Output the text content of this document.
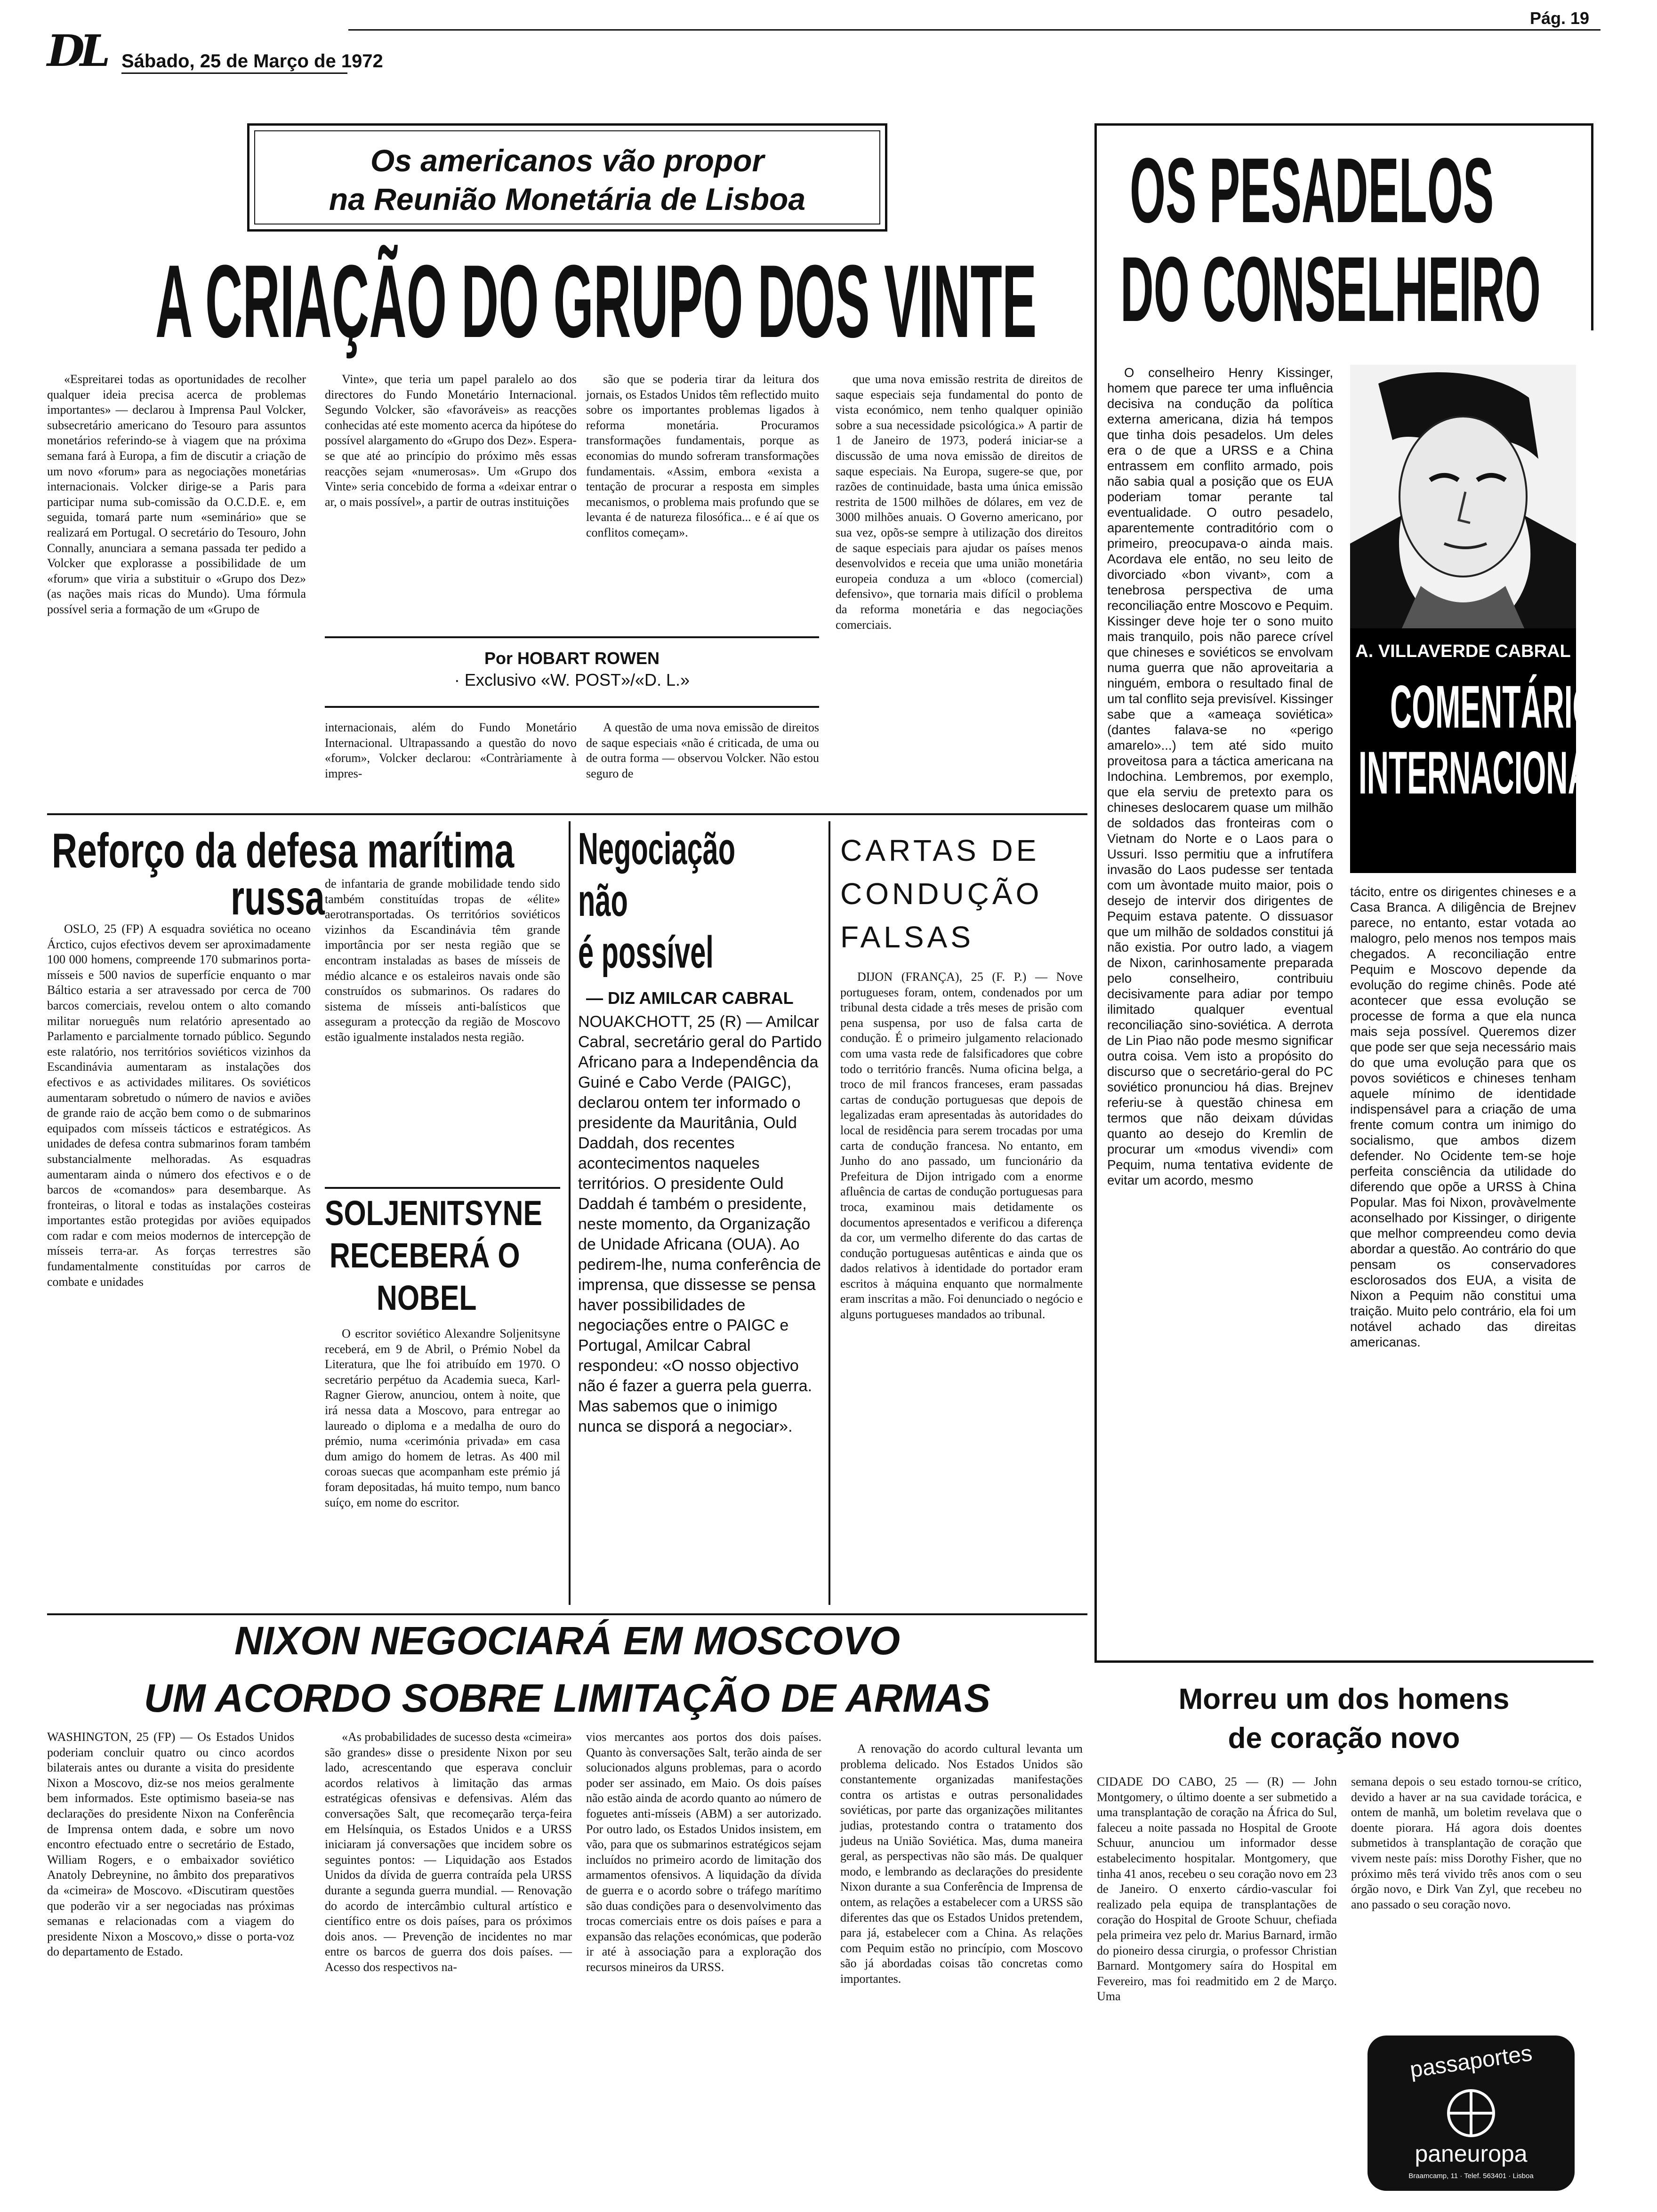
DL Sábado, 25 de Março de 1972
Pág. 19
Os americanos vão propor
na Reunião Monetária de Lisboa
A CRIAÇÃO DO GRUPO DOS VINTE

«Espreitarei todas as oportunidades de recolher qualquer ideia precisa acerca de problemas importantes» — declarou à Imprensa Paul Volcker, subsecretário americano do Tesouro para assuntos monetários referindo-se à viagem que na próxima semana fará à Europa, a fim de discutir a criação de um novo «forum» para as negociações monetárias internacionais. Volcker dirige-se a Paris para participar numa sub-comissão da O.C.D.E. e, em seguida, tomará parte num «seminário» que se realizará em Portugal. O secretário do Tesouro, John Connally, anunciara a semana passada ter pedido a Volcker que explorasse a possibilidade de um «forum» que viria a substituir o «Grupo dos Dez» (as nações mais ricas do Mundo). Uma fórmula possível seria a formação de um «Grupo de

Vinte», que teria um papel paralelo ao dos directores do Fundo Monetário Internacional. Segundo Volcker, são «favoráveis» as reacções conhecidas até este momento acerca da hipótese do possível alargamento do «Grupo dos Dez». Espera-se que até ao princípio do próximo mês essas reacções sejam «numerosas». Um «Grupo dos Vinte» seria concebido de forma a «deixar entrar o ar, o mais possível», a partir de outras instituições

são que se poderia tirar da leitura dos jornais, os Estados Unidos têm reflectido muito sobre os importantes problemas ligados à reforma monetária. Procuramos transformações fundamentais, porque as economias do mundo sofreram transformações fundamentais. «Assim, embora «exista a tentação de procurar a resposta em simples mecanismos, o problema mais profundo que se levanta é de natureza filosófica... e é aí que os conflitos começam».

que uma nova emissão restrita de direitos de saque especiais seja fundamental do ponto de vista económico, nem tenho qualquer opinião sobre a sua necessidade psicológica.» A partir de 1 de Janeiro de 1973, poderá iniciar-se a discussão de uma nova emissão de direitos de saque especiais. Na Europa, sugere-se que, por razões de continuidade, basta uma única emissão restrita de 1500 milhões de dólares, em vez de 3000 milhões anuais. O Governo americano, por sua vez, opõs-se sempre à utilização dos direitos de saque especiais para ajudar os países menos desenvolvidos e receia que uma união monetária europeia conduza a um «bloco (comercial) defensivo», que tornaria mais difícil o problema da reforma monetária e das negociações comerciais.

Por HOBART ROWEN
· Exclusivo «W. POST»/«D. L.»

internacionais, além do Fundo Monetário Internacional. Ultrapassando a questão do novo «forum», Volcker declarou: «Contràriamente à impres-

A questão de uma nova emissão de direitos de saque especiais «não é criticada, de uma ou de outra forma — observou Volcker. Não estou seguro de

OS PESADELOS
DO CONSELHEIRO

O conselheiro Henry Kissinger, homem que parece ter uma influência decisiva na condução da política externa americana, dizia há tempos que tinha dois pesadelos. Um deles era o de que a URSS e a China entrassem em conflito armado, pois não sabia qual a posição que os EUA poderiam tomar perante tal eventualidade. O outro pesadelo, aparentemente contraditório com o primeiro, preocupava-o ainda mais. Acordava ele então, no seu leito de divorciado «bon vivant», com a tenebrosa perspectiva de uma reconciliação entre Moscovo e Pequim. Kissinger deve hoje ter o sono muito mais tranquilo, pois não parece crível que chineses e soviéticos se envolvam numa guerra que não aproveitaria a ninguém, embora o resultado final de um tal conflito seja previsível. Kissinger sabe que a «ameaça soviética» (dantes falava-se no «perigo amarelo»...) tem até sido muito proveitosa para a táctica americana na Indochina. Lembremos, por exemplo, que ela serviu de pretexto para os chineses deslocarem quase um milhão de soldados das fronteiras com o Vietnam do Norte e o Laos para o Ussuri. Isso permitiu que a infrutífera invasão do Laos pudesse ser tentada com um àvontade muito maior, pois o desejo de intervir dos dirigentes de Pequim estava patente. O dissuasor que um milhão de soldados constitui já não existia. Por outro lado, a viagem de Nixon, carinhosamente preparada pelo conselheiro, contribuiu decisivamente para adiar por tempo ilimitado qualquer eventual reconciliação sino-soviética. A derrota de Lin Piao não pode mesmo significar outra coisa. Vem isto a propósito do discurso que o secretário-geral do PC soviético pronunciou há dias. Brejnev referiu-se à questão chinesa em termos que não deixam dúvidas quanto ao desejo do Kremlin de procurar um «modus vivendi» com Pequim, numa tentativa evidente de evitar um acordo, mesmo

A. VILLAVERDE CABRAL
COMENTÁRIO
INTERNACIONAL

tácito, entre os dirigentes chineses e a Casa Branca. A diligência de Brejnev parece, no entanto, estar votada ao malogro, pelo menos nos tempos mais chegados. A reconciliação entre Pequim e Moscovo depende da evolução do regime chinês. Pode até acontecer que essa evolução se processe de forma a que ela nunca mais seja possível. Queremos dizer que pode ser que seja necessário mais do que uma evolução para que os povos soviéticos e chineses tenham aquele mínimo de identidade indispensável para a criação de uma frente comum contra um inimigo do socialismo, que ambos dizem defender. No Ocidente tem-se hoje perfeita consciência da utilidade do diferendo que opõe a URSS à China Popular. Mas foi Nixon, provàvelmente aconselhado por Kissinger, o dirigente que melhor compreendeu como devia abordar a questão. Ao contrário do que pensam os conservadores esclorosados dos EUA, a visita de Nixon a Pequim não constitui uma traição. Muito pelo contrário, ela foi um notável achado das direitas americanas.

Reforço da defesa marítima
russa

OSLO, 25 (FP) A esquadra soviética no oceano Árctico, cujos efectivos devem ser aproximadamente 100 000 homens, compreende 170 submarinos porta-mísseis e 500 navios de superfície enquanto o mar Báltico estaria a ser atravessado por cerca de 700 barcos comerciais, revelou ontem o alto comando militar norueguês num relatório apresentado ao Parlamento e parcialmente tornado público. Segundo este ralatório, nos territórios soviéticos vizinhos da Escandinávia aumentaram as instalações dos efectivos e as actividades militares. Os soviéticos aumentaram sobretudo o número de navios e aviões de grande raio de acção bem como o de submarinos equipados com mísseis tácticos e estratégicos. As unidades de defesa contra submarinos foram também substancialmente melhoradas. As esquadras aumentaram ainda o número dos efectivos e o de barcos de «comandos» para desembarque. As fronteiras, o litoral e todas as instalações costeiras importantes estão protegidas por aviões equipados com radar e com meios modernos de intercepção de mísseis terra-ar. As forças terrestres são fundamentalmente constituídas por carros de combate e unidades

de infantaria de grande mobilidade tendo sido também constituídas tropas de «élite» aerotransportadas. Os territórios soviéticos vizinhos da Escandinávia têm grande importância por ser nesta região que se encontram instaladas as bases de mísseis de médio alcance e os estaleiros navais onde são construídos os submarinos. Os radares do sistema de mísseis anti-balísticos que asseguram a protecção da região de Moscovo estão igualmente instalados nesta região.

SOLJENITSYNE
RECEBERÁ O
NOBEL

O escritor soviético Alexandre Soljenitsyne receberá, em 9 de Abril, o Prémio Nobel da Literatura, que lhe foi atribuído em 1970. O secretário perpétuo da Academia sueca, Karl-Ragner Gierow, anunciou, ontem à noite, que irá nessa data a Moscovo, para entregar ao laureado o diploma e a medalha de ouro do prémio, numa «cerimónia privada» em casa dum amigo do homem de letras. As 400 mil coroas suecas que acompanham este prémio já foram depositadas, há muito tempo, num banco suíço, em nome do escritor.

Negociação
não
é possível
— DIZ AMILCAR CABRAL

NOUAKCHOTT, 25 (R) — Amilcar Cabral, secretário geral do Partido Africano para a Independência da Guiné e Cabo Verde (PAIGC), declarou ontem ter informado o presidente da Mauritânia, Ould Daddah, dos recentes acontecimentos naqueles territórios. O presidente Ould Daddah é também o presidente, neste momento, da Organização de Unidade Africana (OUA). Ao pedirem-lhe, numa conferência de imprensa, que dissesse se pensa haver possibilidades de negociações entre o PAIGC e Portugal, Amilcar Cabral respondeu: «O nosso objectivo não é fazer a guerra pela guerra. Mas sabemos que o inimigo nunca se disporá a negociar».

CARTAS DE
CONDUÇÃO
FALSAS

DIJON (FRANÇA), 25 (F. P.) — Nove portugueses foram, ontem, condenados por um tribunal desta cidade a três meses de prisão com pena suspensa, por uso de falsa carta de condução. É o primeiro julgamento relacionado com uma vasta rede de falsificadores que cobre todo o território francês. Numa oficina belga, a troco de mil francos franceses, eram passadas cartas de condução portuguesas que depois de legalizadas eram apresentadas às autoridades do local de residência para serem trocadas por uma carta de condução francesa. No entanto, em Junho do ano passado, um funcionário da Prefeitura de Dijon intrigado com a enorme afluência de cartas de condução portuguesas para troca, examinou mais detidamente os documentos apresentados e verificou a diferença da cor, um vermelho diferente do das cartas de condução portuguesas autênticas e ainda que os dados relativos à identidade do portador eram escritos à máquina enquanto que normalmente eram inscritas a mão. Foi denunciado o negócio e alguns portugueses mandados ao tribunal.

NIXON NEGOCIARÁ EM MOSCOVO
UM ACORDO SOBRE LIMITAÇÃO DE ARMAS

WASHINGTON, 25 (FP) — Os Estados Unidos poderiam concluir quatro ou cinco acordos bilaterais antes ou durante a visita do presidente Nixon a Moscovo, diz-se nos meios geralmente bem informados. Este optimismo baseia-se nas declarações do presidente Nixon na Conferência de Imprensa ontem dada, e sobre um novo encontro efectuado entre o secretário de Estado, William Rogers, e o embaixador soviético Anatoly Debreynine, no âmbito dos preparativos da «cimeira» de Moscovo. «Discutiram questões que poderão vir a ser negociadas nas próximas semanas e relacionadas com a viagem do presidente Nixon a Moscovo,» disse o porta-voz do departamento de Estado.

«As probabilidades de sucesso desta «cimeira» são grandes» disse o presidente Nixon por seu lado, acrescentando que esperava concluir acordos relativos à limitação das armas estratégicas ofensivas e defensivas. Além das conversações Salt, que recomeçarão terça-feira em Helsínquia, os Estados Unidos e a URSS iniciaram já conversações que incidem sobre os seguintes pontos: — Liquidação aos Estados Unidos da dívida de guerra contraída pela URSS durante a segunda guerra mundial. — Renovação do acordo de intercâmbio cultural artístico e científico entre os dois países, para os próximos dois anos. — Prevenção de incidentes no mar entre os barcos de guerra dos dois países. — Acesso dos respectivos na-

vios mercantes aos portos dos dois países. Quanto às conversações Salt, terão ainda de ser solucionados alguns problemas, para o acordo poder ser assinado, em Maio. Os dois países não estão ainda de acordo quanto ao número de foguetes anti-mísseis (ABM) a ser autorizado. Por outro lado, os Estados Unidos insistem, em vão, para que os submarinos estratégicos sejam incluídos no primeiro acordo de limitação dos armamentos ofensivos. A liquidação da dívida de guerra e o acordo sobre o tráfego marítimo são duas condições para o desenvolvimento das trocas comerciais entre os dois países e para a expansão das relações económicas, que poderão ir até à associação para a exploração dos recursos mineiros da URSS.

A renovação do acordo cultural levanta um problema delicado. Nos Estados Unidos são constantemente organizadas manifestações contra os artistas e outras personalidades soviéticas, por parte das organizações militantes judias, protestando contra o tratamento dos judeus na União Soviética. Mas, duma maneira geral, as perspectivas não são más. De qualquer modo, e lembrando as declarações do presidente Nixon durante a sua Conferência de Imprensa de ontem, as relações a estabelecer com a URSS são diferentes das que os Estados Unidos pretendem, para já, estabelecer com a China. As relações com Pequim estão no princípio, com Moscovo são já abordadas coisas tão concretas como importantes.

Morreu um dos homens
de coração novo

CIDADE DO CABO, 25 — (R) — John Montgomery, o último doente a ser submetido a uma transplantação de coração na África do Sul, faleceu a noite passada no Hospital de Groote Schuur, anunciou um informador desse estabelecimento hospitalar. Montgomery, que tinha 41 anos, recebeu o seu coração novo em 23 de Janeiro. O enxerto cárdio-vascular foi realizado pela equipa de transplantações de coração do Hospital de Groote Schuur, chefiada pela primeira vez pelo dr. Marius Barnard, irmão do pioneiro dessa cirurgia, o professor Christian Barnard. Montgomery saíra do Hospital em Fevereiro, mas foi readmitido em 2 de Março. Uma

semana depois o seu estado tornou-se crítico, devido a haver ar na sua cavidade torácica, e ontem de manhã, um boletim revelava que o doente piorara. Há agora dois doentes submetidos à transplantação de coração que vivem neste país: miss Dorothy Fisher, que no próximo mês terá vivido três anos com o seu órgão novo, e Dirk Van Zyl, que recebeu no ano passado o seu coração novo.

passaportes
paneuropa
Braamcamp, 11 · Telef. 563401 · Lisboa
